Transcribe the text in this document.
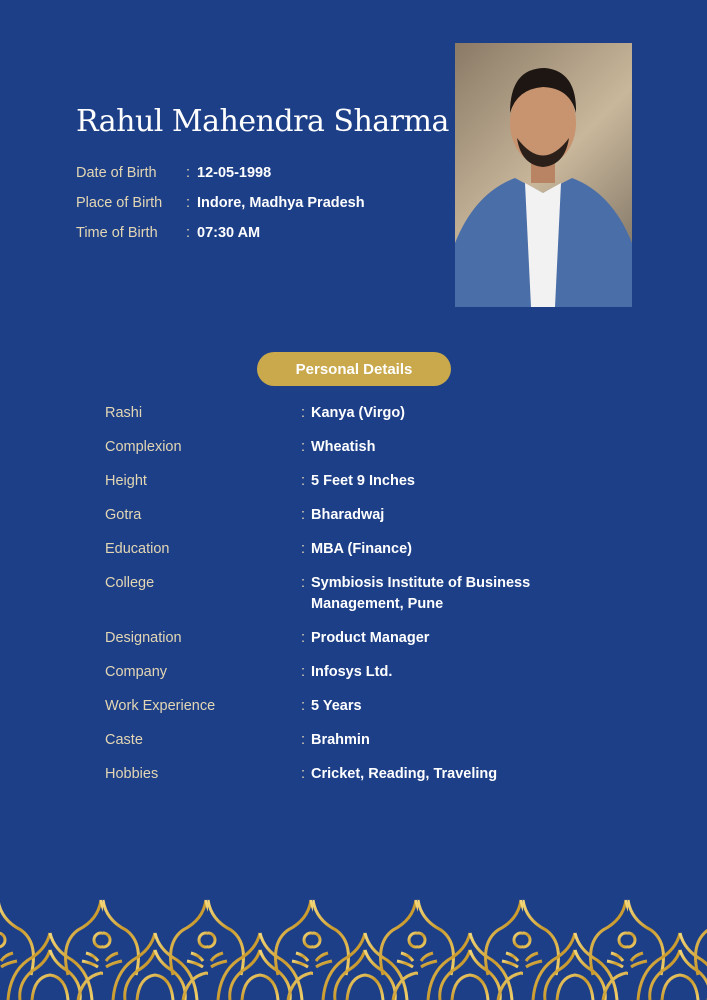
Rahul Mahendra Sharma
Date of Birth	: 12-05-1998
Place of Birth	: Indore, Madhya Pradesh
Time of Birth	: 07:30 AM
Personal Details
Rashi	: Kanya (Virgo)
Complexion	: Wheatish
Height	: 5 Feet 9 Inches
Gotra	: Bharadwaj
Education	: MBA (Finance)
College	: Symbiosis Institute of Business Management, Pune
Designation	: Product Manager
Company	: Infosys Ltd.
Work Experience	: 5 Years
Caste	: Brahmin
Hobbies	: Cricket, Reading, Traveling
